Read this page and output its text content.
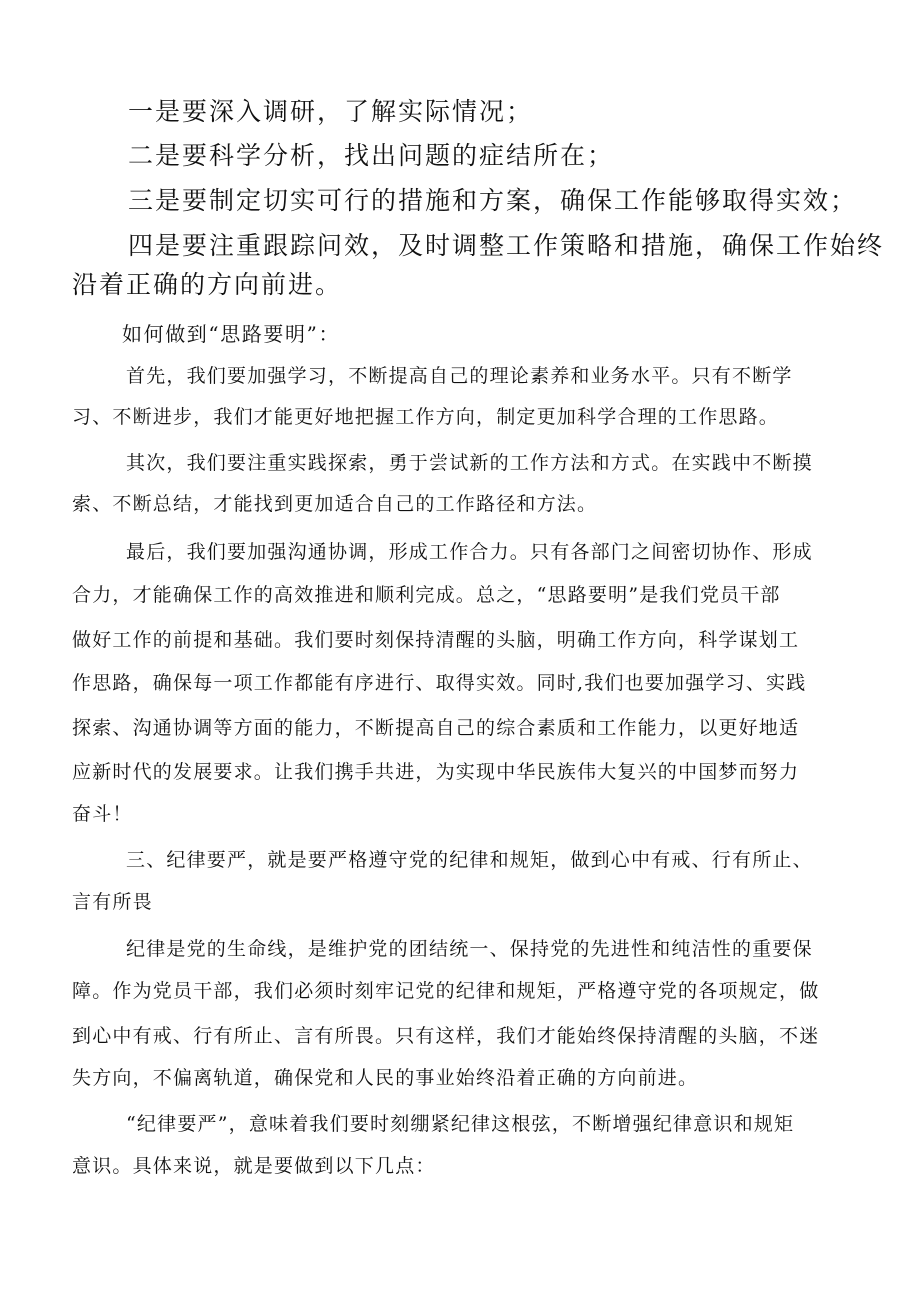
一是要深入调研，了解实际情况；

二是要科学分析，找出问题的症结所在；

三是要制定切实可行的措施和方案，确保工作能够取得实效；

四是要注重跟踪问效，及时调整工作策略和措施，确保工作始终

沿着正确的方向前进。

如何做到“思路要明”：

首先，我们要加强学习，不断提高自己的理论素养和业务水平。只有不断学

习、不断进步，我们才能更好地把握工作方向，制定更加科学合理的工作思路。

其次，我们要注重实践探索，勇于尝试新的工作方法和方式。在实践中不断摸

索、不断总结，才能找到更加适合自己的工作路径和方法。

最后，我们要加强沟通协调，形成工作合力。只有各部门之间密切协作、形成

合力，才能确保工作的高效推进和顺利完成。总之，“思路要明”是我们党员干部

做好工作的前提和基础。我们要时刻保持清醒的头脑，明确工作方向，科学谋划工

作思路，确保每一项工作都能有序进行、取得实效。同时,我们也要加强学习、实践

探索、沟通协调等方面的能力，不断提高自己的综合素质和工作能力，以更好地适

应新时代的发展要求。让我们携手共进，为实现中华民族伟大复兴的中国梦而努力

奋斗！

三、纪律要严，就是要严格遵守党的纪律和规矩，做到心中有戒、行有所止、

言有所畏

纪律是党的生命线，是维护党的团结统一、保持党的先进性和纯洁性的重要保

障。作为党员干部，我们必须时刻牢记党的纪律和规矩，严格遵守党的各项规定，做

到心中有戒、行有所止、言有所畏。只有这样，我们才能始终保持清醒的头脑，不迷

失方向，不偏离轨道，确保党和人民的事业始终沿着正确的方向前进。

“纪律要严”，意味着我们要时刻绷紧纪律这根弦，不断增强纪律意识和规矩

意识。具体来说，就是要做到以下几点：
